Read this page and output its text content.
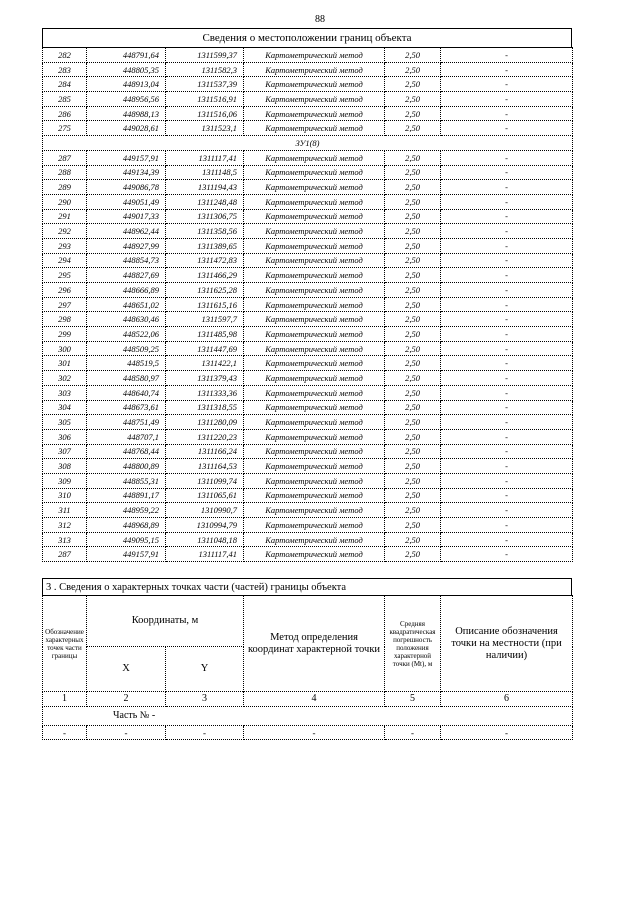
88
Сведения о местоположении границ объекта
282	448791,64	1311599,37	Картометрический метод	2,50	-
283	448805,35	1311582,3	Картометрический метод	2,50	-
284	448913,04	1311537,39	Картометрический метод	2,50	-
285	448956,56	1311516,91	Картометрический метод	2,50	-
286	448988,13	1311516,06	Картометрический метод	2,50	-
275	449028,61	1311523,1	Картометрический метод	2,50	-
ЗУ1(8)					
287	449157,91	1311117,41	Картометрический метод	2,50	-
288	449134,39	1311148,5	Картометрический метод	2,50	-
289	449086,78	1311194,43	Картометрический метод	2,50	-
290	449051,49	1311248,48	Картометрический метод	2,50	-
291	449017,33	1311306,75	Картометрический метод	2,50	-
292	448962,44	1311358,56	Картометрический метод	2,50	-
293	448927,99	1311389,65	Картометрический метод	2,50	-
294	448854,73	1311472,83	Картометрический метод	2,50	-
295	448827,69	1311466,29	Картометрический метод	2,50	-
296	448666,89	1311625,28	Картометрический метод	2,50	-
297	448651,02	1311615,16	Картометрический метод	2,50	-
298	448630,46	1311597,7	Картометрический метод	2,50	-
299	448522,06	1311485,98	Картометрический метод	2,50	-
300	448509,25	1311447,69	Картометрический метод	2,50	-
301	448519,5	1311422,1	Картометрический метод	2,50	-
302	448580,97	1311379,43	Картометрический метод	2,50	-
303	448640,74	1311333,36	Картометрический метод	2,50	-
304	448673,61	1311318,55	Картометрический метод	2,50	-
305	448751,49	1311280,09	Картометрический метод	2,50	-
306	448707,1	1311220,23	Картометрический метод	2,50	-
307	448768,44	1311166,24	Картометрический метод	2,50	-
308	448800,89	1311164,53	Картометрический метод	2,50	-
309	448855,31	1311099,74	Картометрический метод	2,50	-
310	448891,17	1311065,61	Картометрический метод	2,50	-
311	448959,22	1310990,7	Картометрический метод	2,50	-
312	448968,89	1310994,79	Картометрический метод	2,50	-
313	449095,15	1311048,18	Картометрический метод	2,50	-
287	449157,91	1311117,41	Картометрический метод	2,50	-
3 . Сведения о характерных точках части (частей) границы объекта
Обозначение характерных точек части границы	Координаты, м		Метод определения координат характерной точки	Средняя квадратическая погрешность положения характерной точки (Mt), м	Описание обозначения точки на местности (при наличии)
	X	Y			
1	2	3	4	5	6
Часть № -					
-	-	-	-	-	-
